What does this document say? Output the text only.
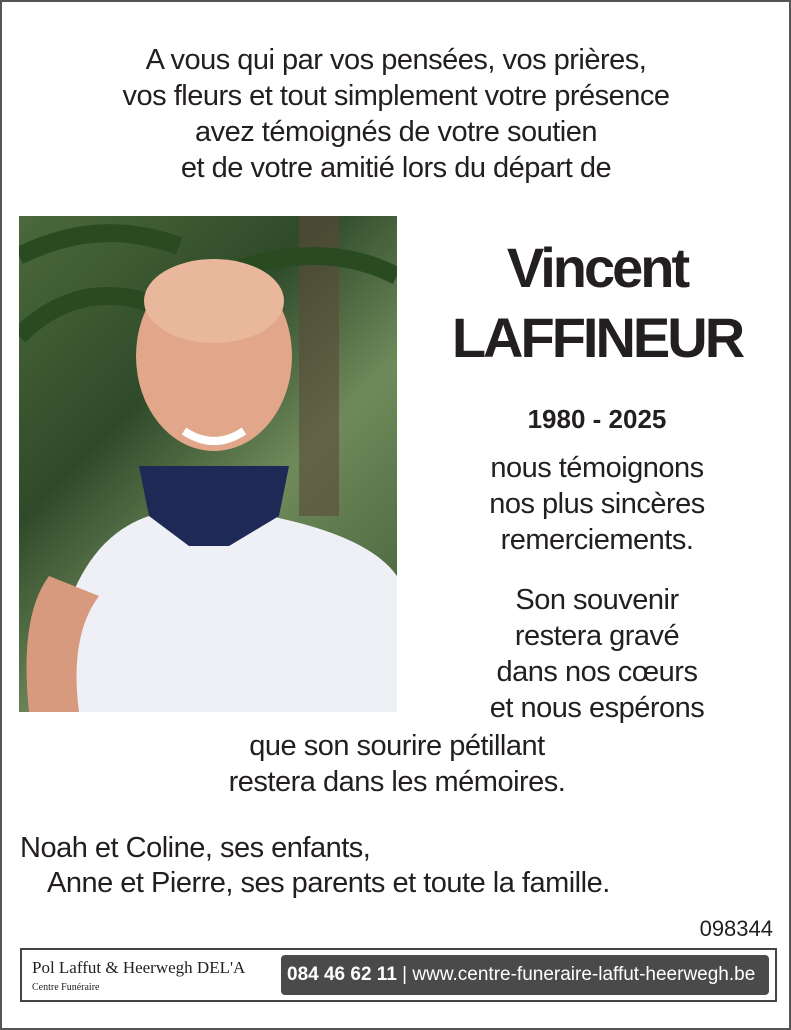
A vous qui par vos pensées, vos prières,
vos fleurs et tout simplement votre présence
avez témoignés de votre soutien
et de votre amitié lors du départ de
Vincent
LAFFINEUR
1980 - 2025
nous témoignons
nos plus sincères
remerciements.
Son souvenir
restera gravé
dans nos cœurs
et nous espérons
que son sourire pétillant
restera dans les mémoires.
Noah et Coline, ses enfants,
Anne et Pierre, ses parents et toute la famille.
098344
Pol Laffut & Heerwegh DEL'A
Centre Funéraire
084 46 62 11 | www.centre-funeraire-laffut-heerwegh.be
